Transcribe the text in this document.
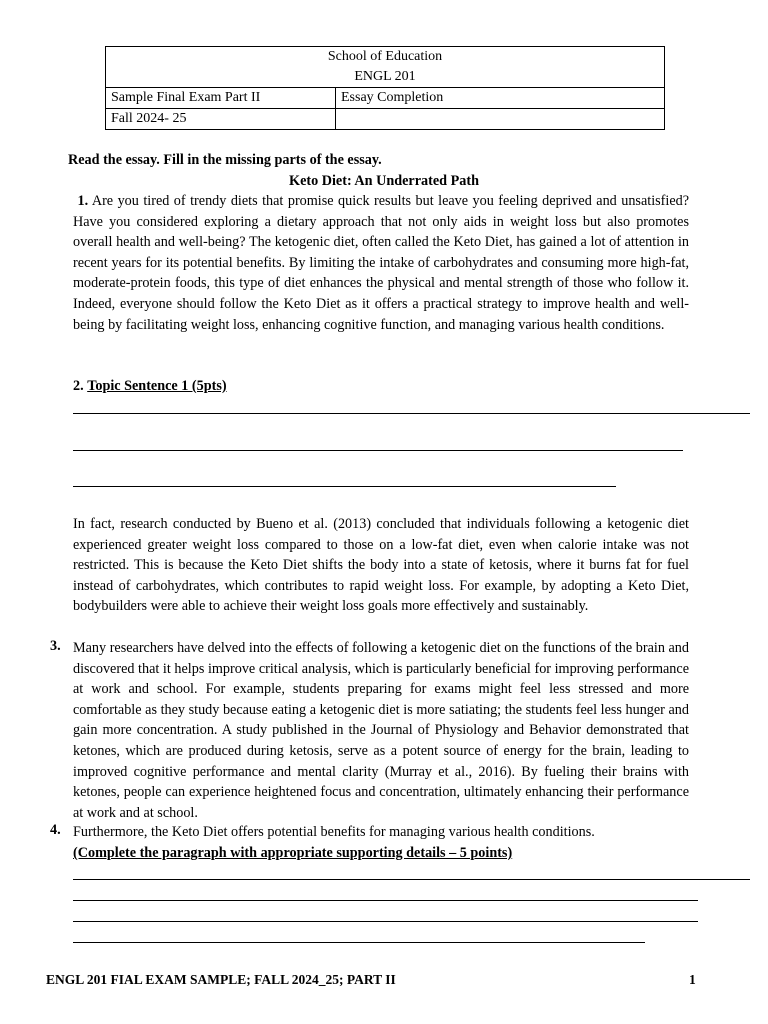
School of Education
ENGL 201	

Sample Final Exam Part II	Essay Completion
Fall 2024- 25	
Read the essay. Fill in the missing parts of the essay.
Keto Diet: An Underrated Path
1. Are you tired of trendy diets that promise quick results but leave you feeling deprived and unsatisfied? Have you considered exploring a dietary approach that not only aids in weight loss but also promotes overall health and well-being? The ketogenic diet, often called the Keto Diet, has gained a lot of attention in recent years for its potential benefits. By limiting the intake of carbohydrates and consuming more high-fat, moderate-protein foods, this type of diet enhances the physical and mental strength of those who follow it. Indeed, everyone should follow the Keto Diet as it offers a practical strategy to improve health and well-being by facilitating weight loss, enhancing cognitive function, and managing various health conditions.
2. Topic Sentence 1 (5pts)
In fact, research conducted by Bueno et al. (2013) concluded that individuals following a ketogenic diet experienced greater weight loss compared to those on a low-fat diet, even when calorie intake was not restricted. This is because the Keto Diet shifts the body into a state of ketosis, where it burns fat for fuel instead of carbohydrates, which contributes to rapid weight loss. For example, by adopting a Keto Diet, bodybuilders were able to achieve their weight loss goals more effectively and sustainably.
3. Many researchers have delved into the effects of following a ketogenic diet on the functions of the brain and discovered that it helps improve critical analysis, which is particularly beneficial for improving performance at work and school. For example, students preparing for exams might feel less stressed and more comfortable as they study because eating a ketogenic diet is more satiating; the students feel less hunger and gain more concentration. A study published in the Journal of Physiology and Behavior demonstrated that ketones, which are produced during ketosis, serve as a potent source of energy for the brain, leading to improved cognitive performance and mental clarity (Murray et al., 2016). By fueling their brains with ketones, people can experience heightened focus and concentration, ultimately enhancing their performance at work and at school.
4. Furthermore, the Keto Diet offers potential benefits for managing various health conditions.
(Complete the paragraph with appropriate supporting details – 5 points)
ENGL 201 FIAL EXAM SAMPLE; FALL 2024_25; PART II	1
